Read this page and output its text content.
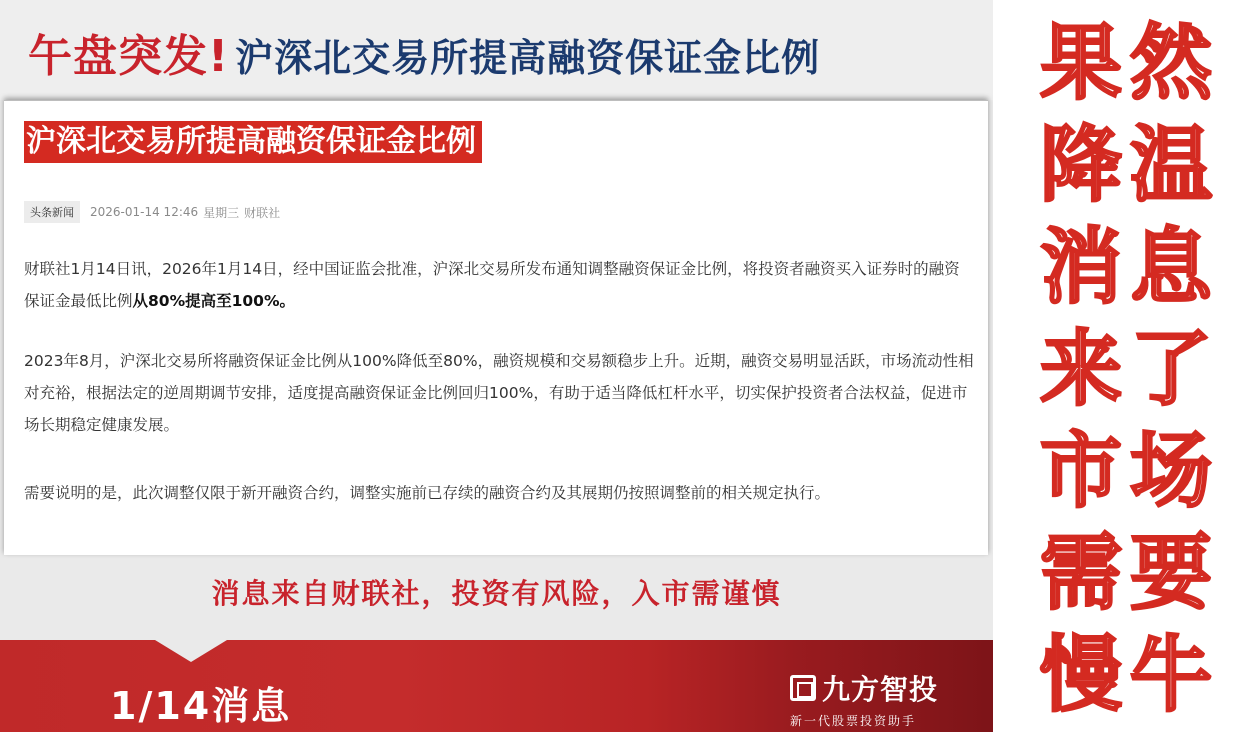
午盘突发! 沪深北交易所提高融资保证金比例
沪深北交易所提高融资保证金比例
头条新闻	2026-01-14 12:46 星期三 财联社

财联社1月14日讯，2026年1月14日，经中国证监会批准，沪深北交易所发布通知调整融资保证金比例，将投资者融资买入证券时的融资保证金最低比例从80%提高至100%。

2023年8月，沪深北交易所将融资保证金比例从100%降低至80%，融资规模和交易额稳步上升。近期，融资交易明显活跃，市场流动性相对充裕，根据法定的逆周期调节安排，适度提高融资保证金比例回归100%，有助于适当降低杠杆水平，切实保护投资者合法权益，促进市场长期稳定健康发展。

需要说明的是，此次调整仅限于新开融资合约，调整实施前已存续的融资合约及其展期仍按照调整前的相关规定执行。

消息来自财联社，投资有风险，入市需谨慎
1/14消息	九方智投
新一代股票投资助手
果然
降温
消息
来了
市场
需要
慢牛
